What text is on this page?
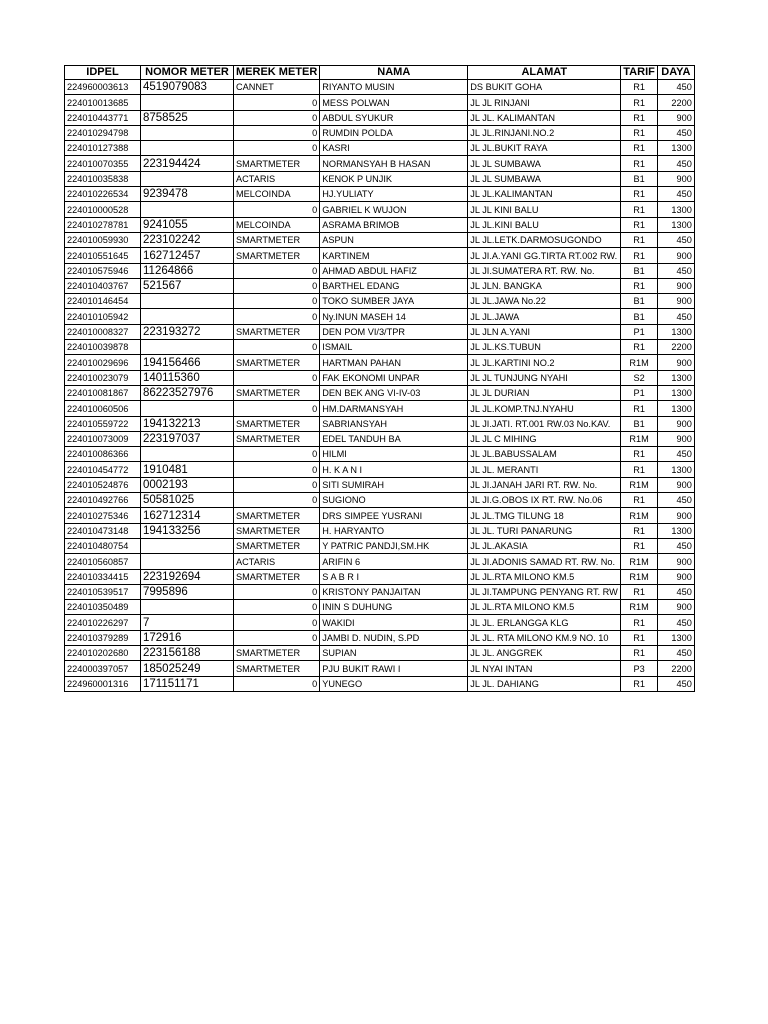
IDPEL	NOMOR METER	MEREK METER	NAMA	ALAMAT	TARIF	DAYA
224960003613	4519079083	CANNET	RIYANTO MUSIN	DS BUKIT GOHA	R1	450
224010013685		0	MESS POLWAN	JL JL RINJANI	R1	2200
224010443771	8758525	0	ABDUL SYUKUR	JL JL. KALIMANTAN	R1	900
224010294798		0	RUMDIN POLDA	JL JL.RINJANI.NO.2	R1	450
224010127388		0	KASRI	JL JL.BUKIT RAYA	R1	1300
224010070355	223194424	SMARTMETER	NORMANSYAH B HASAN	JL JL SUMBAWA	R1	450
224010035838		ACTARIS	KENOK P UNJIK	JL JL SUMBAWA	B1	900
224010226534	9239478	MELCOINDA	HJ.YULIATY	JL JL.KALIMANTAN	R1	450
224010000528		0	GABRIEL K WUJON	JL JL KINI BALU	R1	1300
224010278781	9241055	MELCOINDA	ASRAMA BRIMOB	JL JL.KINI BALU	R1	1300
224010059930	223102242	SMARTMETER	ASPUN	JL JL.LETK.DARMOSUGONDO	R1	450
224010551645	162712457	SMARTMETER	KARTINEM	JL JI.A.YANI GG.TIRTA RT.002 RW.	R1	900
224010575946	11264866	0	AHMAD ABDUL HAFIZ	JL JI.SUMATERA RT. RW. No.	B1	450
224010403767	521567	0	BARTHEL EDANG	JL JLN. BANGKA	R1	900
224010146454		0	TOKO SUMBER JAYA	JL JL.JAWA No.22	B1	900
224010105942		0	Ny.INUN MASEH 14	JL JL.JAWA	B1	450
224010008327	223193272	SMARTMETER	DEN POM VI/3/TPR	JL JLN A.YANI	P1	1300
224010039878		0	ISMAIL	JL JL.KS.TUBUN	R1	2200
224010029696	194156466	SMARTMETER	HARTMAN PAHAN	JL JL.KARTINI NO.2	R1M	900
224010023079	140115360	0	FAK EKONOMI UNPAR	JL JL TUNJUNG NYAHI	S2	1300
224010081867	86223527976	SMARTMETER	DEN BEK ANG VI-IV-03	JL JL DURIAN	P1	1300
224010060506		0	HM.DARMANSYAH	JL JL.KOMP.TNJ.NYAHU	R1	1300
224010559722	194132213	SMARTMETER	SABRIANSYAH	JL JI.JATI. RT.001 RW.03 No.KAV.	B1	900
224010073009	223197037	SMARTMETER	EDEL TANDUH BA	JL JL C MIHING	R1M	900
224010086366		0	HILMI	JL JL.BABUSSALAM	R1	450
224010454772	1910481	0	H. K A N I	JL JL. MERANTI	R1	1300
224010524876	0002193	0	SITI SUMIRAH	JL JI.JANAH JARI RT. RW. No.	R1M	900
224010492766	50581025	0	SUGIONO	JL JI.G.OBOS IX RT. RW. No.06	R1	450
224010275346	162712314	SMARTMETER	DRS SIMPEE YUSRANI	JL JL.TMG TILUNG 18	R1M	900
224010473148	194133256	SMARTMETER	H. HARYANTO	JL JL. TURI PANARUNG	R1	1300
224010480754		SMARTMETER	Y PATRIC PANDJI,SM.HK	JL JL.AKASIA	R1	450
224010560857		ACTARIS	ARIFIN 6	JL JI.ADONIS SAMAD RT. RW. No.	R1M	900
224010334415	223192694	SMARTMETER	S A B R I	JL JL.RTA MILONO KM.5	R1M	900
224010539517	7995896	0	KRISTONY PANJAITAN	JL JI.TAMPUNG PENYANG RT. RW	R1	450
224010350489		0	ININ S DUHUNG	JL JL.RTA MILONO KM.5	R1M	900
224010226297	7	0	WAKIDI	JL JL. ERLANGGA KLG	R1	450
224010379289	172916	0	JAMBI D. NUDIN, S.PD	JL JL. RTA MILONO KM.9 NO. 10	R1	1300
224010202680	223156188	SMARTMETER	SUPIAN	JL JL. ANGGREK	R1	450
224000397057	185025249	SMARTMETER	PJU BUKIT RAWI I	JL NYAI INTAN	P3	2200
224960001316	171151171	0	YUNEGO	JL JL. DAHIANG	R1	450
